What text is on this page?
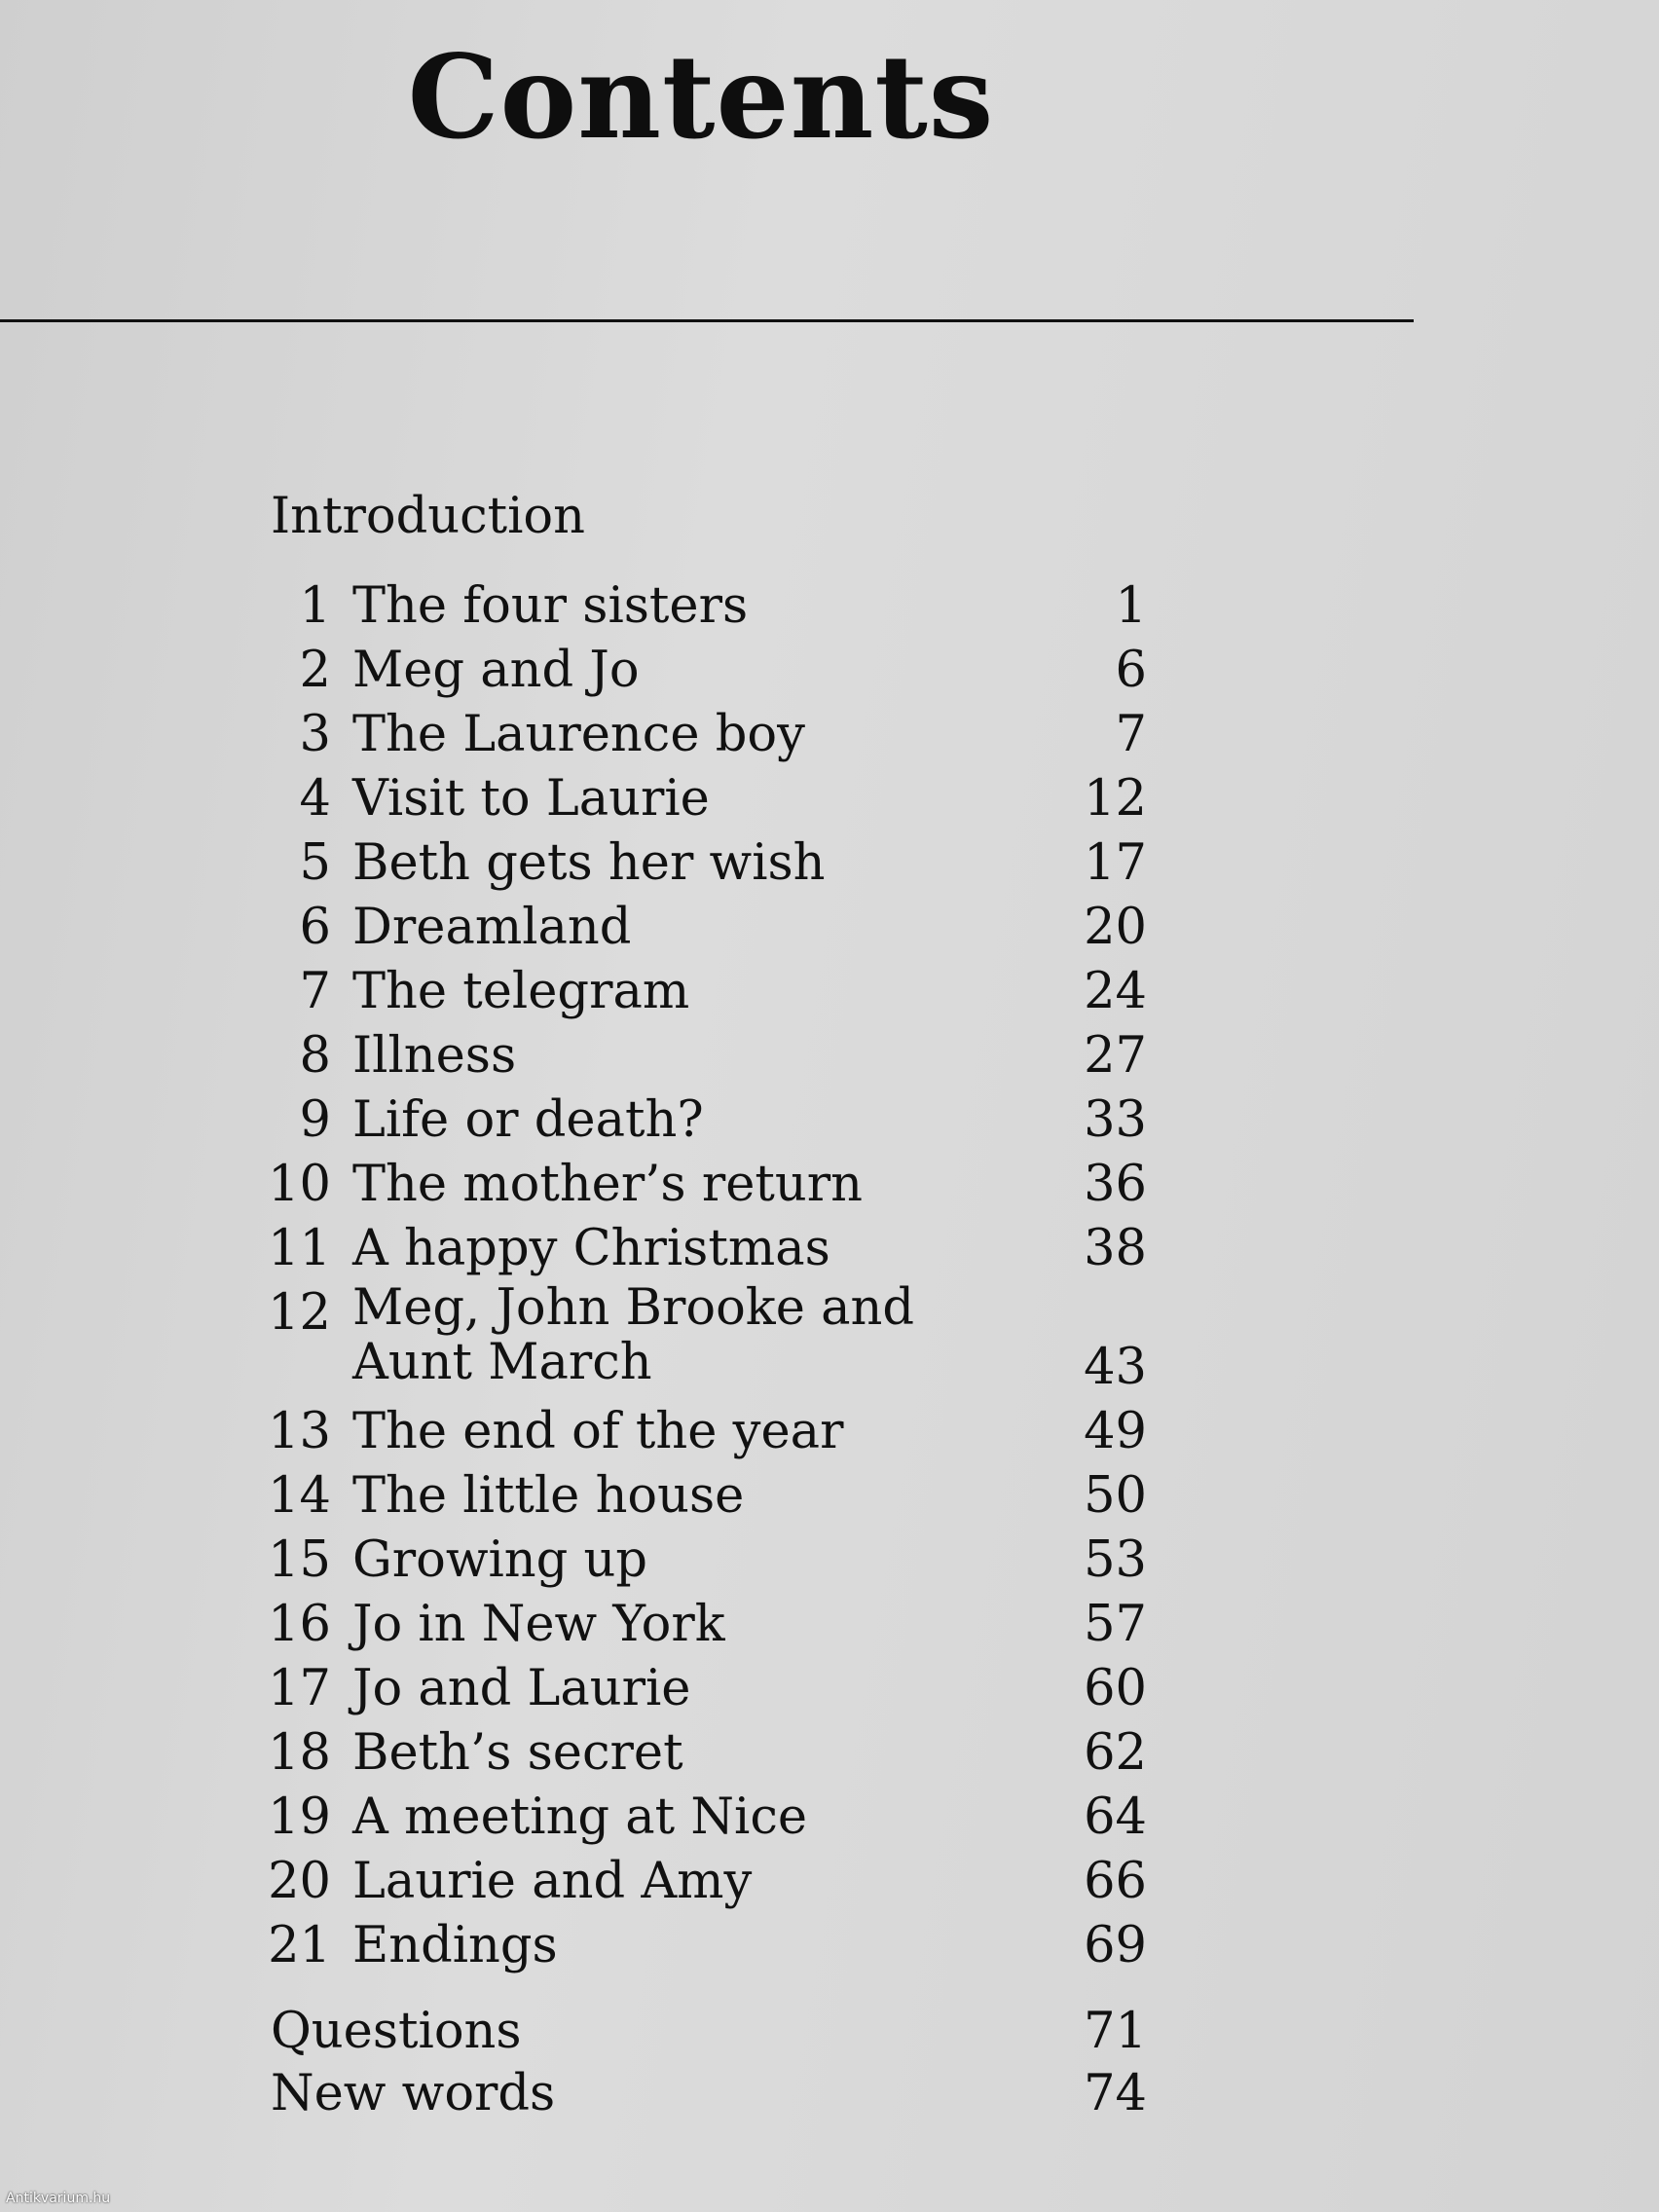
Contents
Introduction
1 The four sisters	1
2 Meg and Jo	6
3 The Laurence boy	7
4 Visit to Laurie	12
5 Beth gets her wish	17
6 Dreamland	20
7 The telegram	24
8 Illness	27
9 Life or death?	33
10 The mother’s return	36
11 A happy Christmas	38
12 Meg, John Brooke and Aunt March	43
13 The end of the year	49
14 The little house	50
15 Growing up	53
16 Jo in New York	57
17 Jo and Laurie	60
18 Beth’s secret	62
19 A meeting at Nice	64
20 Laurie and Amy	66
21 Endings	69
Questions	71
New words	74
Antikvarium.hu
